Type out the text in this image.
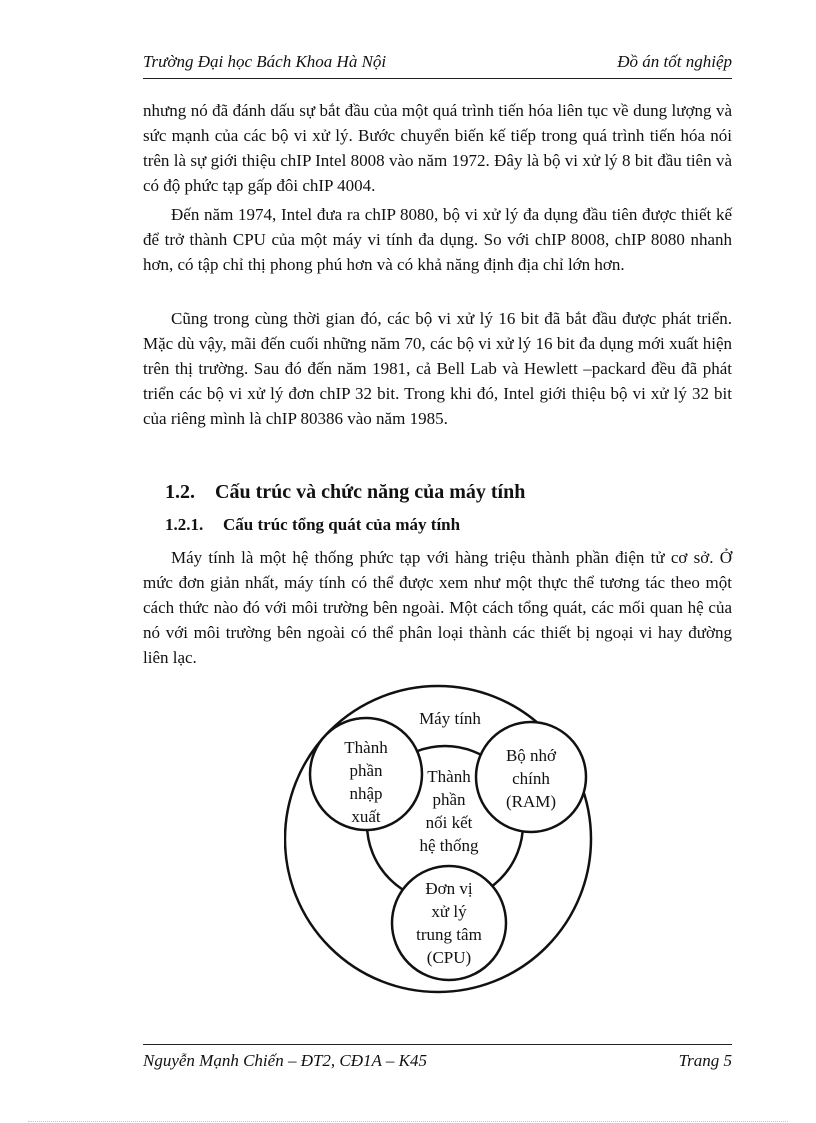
Trường Đại học Bách Khoa Hà Nội	Đồ án tốt nghiệp

nhưng nó đã đánh dấu sự bắt đầu của một quá trình tiến hóa liên tục về dung lượng và sức mạnh của các bộ vi xử lý. Bước chuyển biến kế tiếp trong quá trình tiến hóa nói trên là sự giới thiệu chIP Intel 8008 vào năm 1972. Đây là bộ vi xử lý 8 bit đầu tiên và có độ phức tạp gấp đôi chIP 4004.

Đến năm 1974, Intel đưa ra chIP 8080, bộ vi xử lý đa dụng đầu tiên được thiết kế để trở thành CPU của một máy vi tính đa dụng. So với chIP 8008, chIP 8080 nhanh hơn, có tập chỉ thị phong phú hơn và có khả năng định địa chỉ lớn hơn.

Cũng trong cùng thời gian đó, các bộ vi xử lý 16 bit đã bắt đầu được phát triển. Mặc dù vậy, mãi đến cuối những năm 70, các bộ vi xử lý 16 bit đa dụng mới xuất hiện trên thị trường. Sau đó đến năm 1981, cả Bell Lab và Hewlett –packard đều đã phát triển các bộ vi xử lý đơn chIP 32 bit. Trong khi đó, Intel giới thiệu bộ vi xử lý 32 bit của riêng mình là chIP 80386 vào năm 1985.

1.2. Cấu trúc và chức năng của máy tính
1.2.1. Cấu trúc tổng quát của máy tính

Máy tính là một hệ thống phức tạp với hàng triệu thành phần điện tử cơ sở. Ở mức đơn giản nhất, máy tính có thể được xem như một thực thể tương tác theo một cách thức nào đó với môi trường bên ngoài. Một cách tổng quát, các mối quan hệ của nó với môi trường bên ngoài có thể phân loại thành các thiết bị ngoại vi hay đường liên lạc.

Máy tính
Thành
phần
nhập
xuất
Bộ nhớ
chính
(RAM)
Thành
phần
nối kết
hệ thống
Đơn vị
xử lý
trung tâm
(CPU)
Nguyễn Mạnh Chiến – ĐT2, CĐ1A – K45	Trang 5
